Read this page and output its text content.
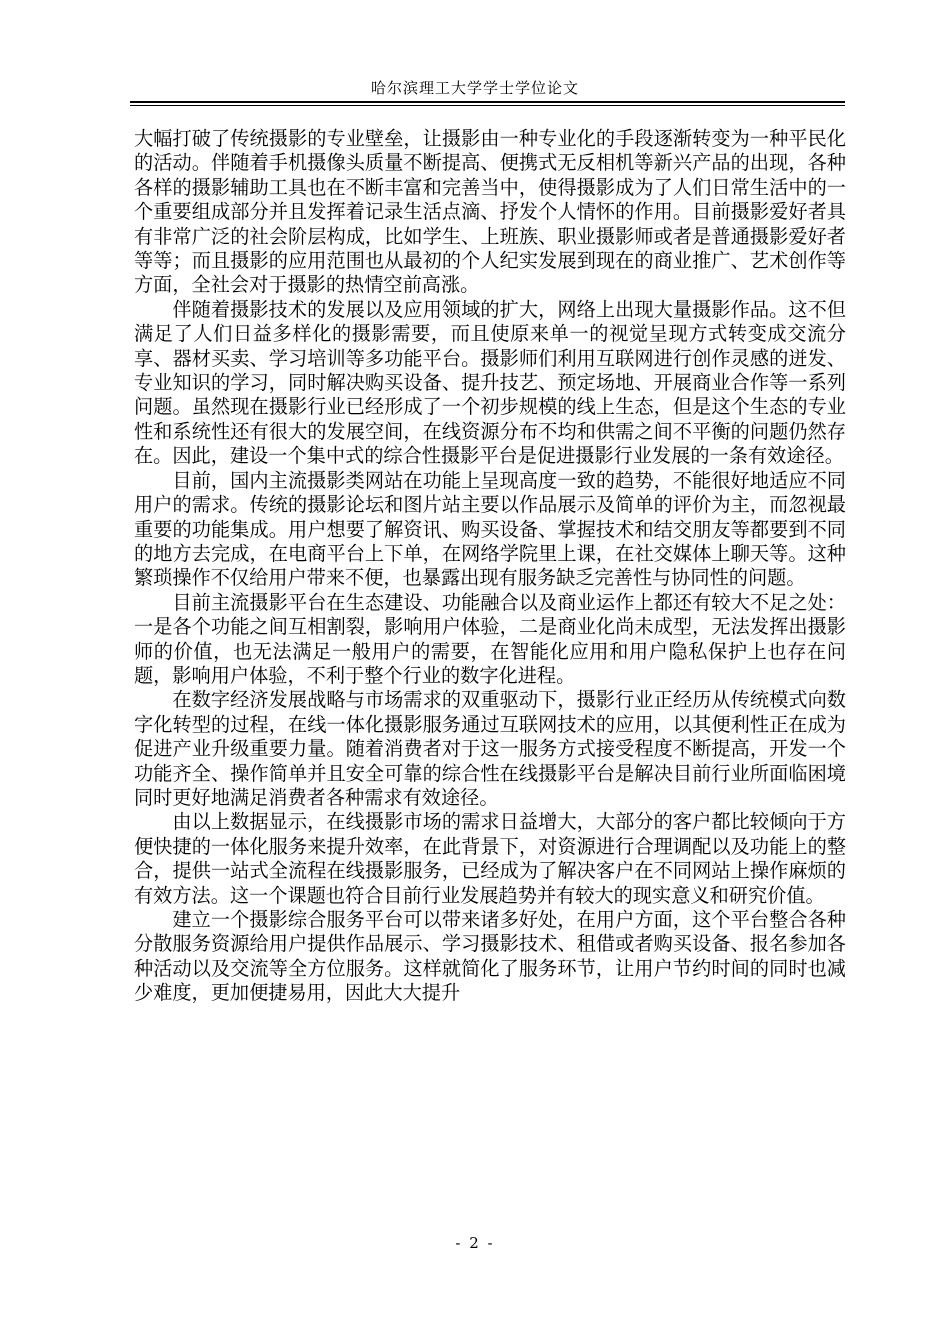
哈尔滨理工大学学士学位论文

大幅打破了传统摄影的专业壁垒，让摄影由一种专业化的手段逐渐转变为一种平民化的活动。伴随着手机摄像头质量不断提高、便携式无反相机等新兴产品的出现，各种各样的摄影辅助工具也在不断丰富和完善当中，使得摄影成为了人们日常生活中的一个重要组成部分并且发挥着记录生活点滴、抒发个人情怀的作用。目前摄影爱好者具有非常广泛的社会阶层构成，比如学生、上班族、职业摄影师或者是普通摄影爱好者等等；而且摄影的应用范围也从最初的个人纪实发展到现在的商业推广、艺术创作等方面，全社会对于摄影的热情空前高涨。

伴随着摄影技术的发展以及应用领域的扩大，网络上出现大量摄影作品。这不但满足了人们日益多样化的摄影需要，而且使原来单一的视觉呈现方式转变成交流分享、器材买卖、学习培训等多功能平台。摄影师们利用互联网进行创作灵感的迸发、专业知识的学习，同时解决购买设备、提升技艺、预定场地、开展商业合作等一系列问题。虽然现在摄影行业已经形成了一个初步规模的线上生态，但是这个生态的专业性和系统性还有很大的发展空间，在线资源分布不均和供需之间不平衡的问题仍然存在。因此，建设一个集中式的综合性摄影平台是促进摄影行业发展的一条有效途径。

目前，国内主流摄影类网站在功能上呈现高度一致的趋势，不能很好地适应不同用户的需求。传统的摄影论坛和图片站主要以作品展示及简单的评价为主，而忽视最重要的功能集成。用户想要了解资讯、购买设备、掌握技术和结交朋友等都要到不同的地方去完成，在电商平台上下单，在网络学院里上课，在社交媒体上聊天等。这种繁琐操作不仅给用户带来不便，也暴露出现有服务缺乏完善性与协同性的问题。

目前主流摄影平台在生态建设、功能融合以及商业运作上都还有较大不足之处：一是各个功能之间互相割裂，影响用户体验，二是商业化尚未成型，无法发挥出摄影师的价值，也无法满足一般用户的需要，在智能化应用和用户隐私保护上也存在问题，影响用户体验，不利于整个行业的数字化进程。

在数字经济发展战略与市场需求的双重驱动下，摄影行业正经历从传统模式向数字化转型的过程，在线一体化摄影服务通过互联网技术的应用，以其便利性正在成为促进产业升级重要力量。随着消费者对于这一服务方式接受程度不断提高，开发一个功能齐全、操作简单并且安全可靠的综合性在线摄影平台是解决目前行业所面临困境同时更好地满足消费者各种需求有效途径。

由以上数据显示，在线摄影市场的需求日益增大，大部分的客户都比较倾向于方便快捷的一体化服务来提升效率，在此背景下，对资源进行合理调配以及功能上的整合，提供一站式全流程在线摄影服务，已经成为了解决客户在不同网站上操作麻烦的有效方法。这一个课题也符合目前行业发展趋势并有较大的现实意义和研究价值。

建立一个摄影综合服务平台可以带来诸多好处，在用户方面，这个平台整合各种分散服务资源给用户提供作品展示、学习摄影技术、租借或者购买设备、报名参加各种活动以及交流等全方位服务。这样就简化了服务环节，让用户节约时间的同时也减少难度，更加便捷易用，因此大大提升

- 2 -
